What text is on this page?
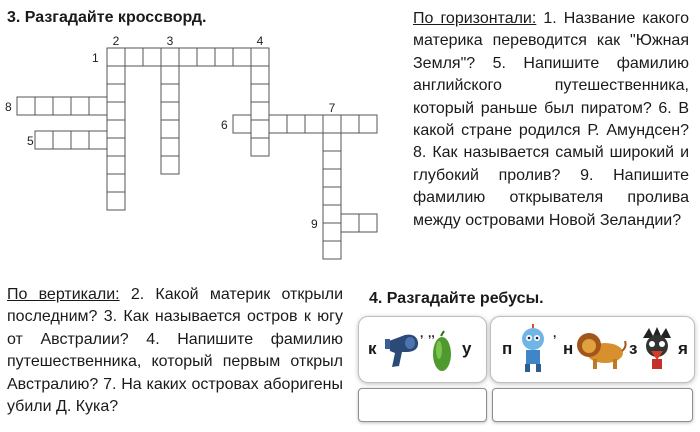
3. Разгадайте кроссворд.
1
2	3	4
5
6
7
8
9
По горизонтали: 1. Название какого материка переводится как "Южная Земля"? 5. Напишите фамилию английского путешественника, который раньше был пиратом? 6. В какой стране родился Р. Амундсен? 8. Как называется самый широкий и глубокий пролив? 9. Напишите фамилию открывателя пролива между островами Новой Зеландии?
По вертикали: 2. Какой материк открыли последним? 3. Как называется остров к югу от Австралии? 4. Напишите фамилию путешественника, который первым открыл Австралию? 7. На каких островах аборигены убили Д. Кука?
4. Разгадайте ребусы.
к
, ,,
у п
,
н	з я
